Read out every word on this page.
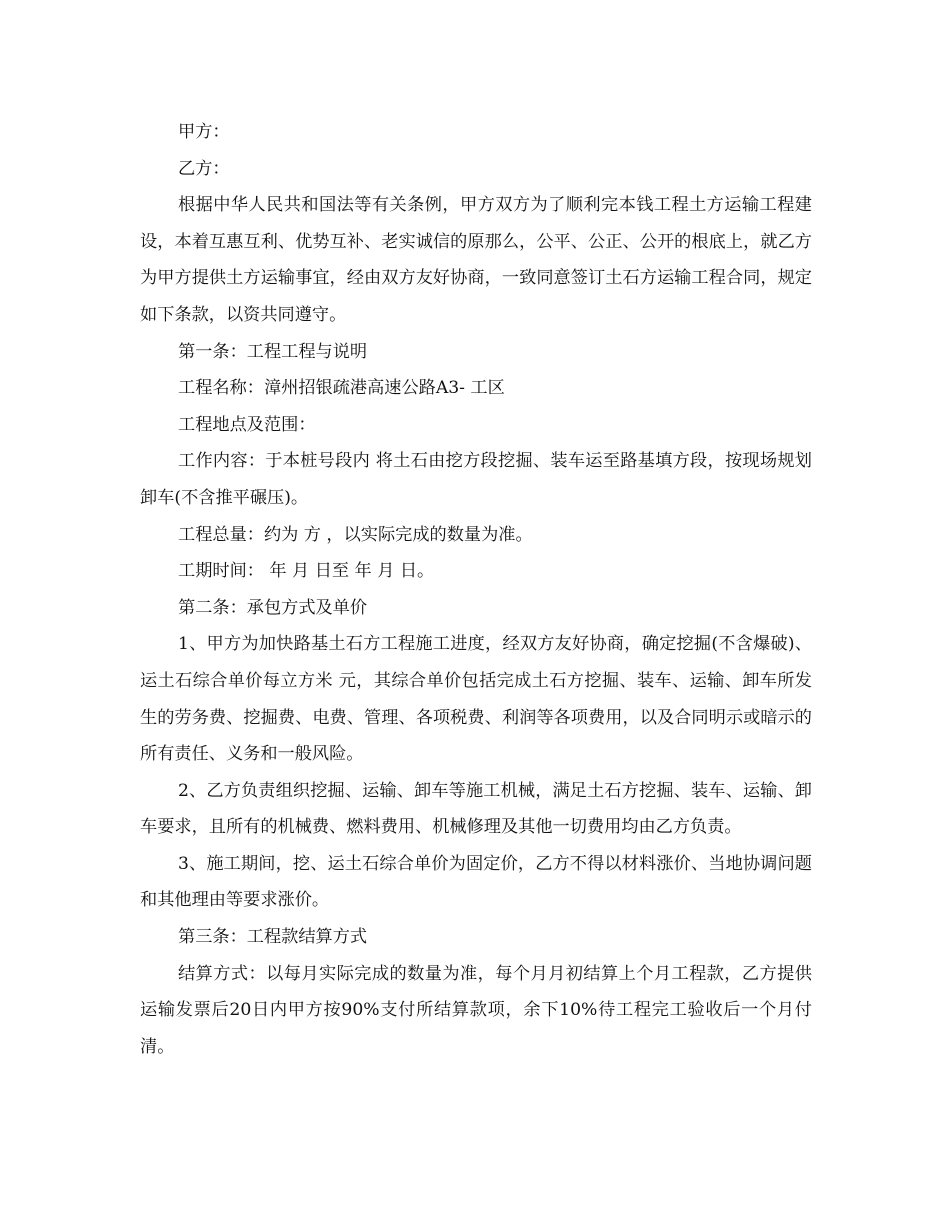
甲方：

乙方：

根据中华人民共和国法等有关条例，甲方双方为了顺利完本钱工程土方运输工程建设，本着互惠互利、优势互补、老实诚信的原那么，公平、公正、公开的根底上，就乙方为甲方提供土方运输事宜，经由双方友好协商，一致同意签订土石方运输工程合同，规定如下条款，以资共同遵守。

第一条：工程工程与说明

工程名称：漳州招银疏港高速公路A3- 工区

工程地点及范围：

工作内容：于本桩号段内 将土石由挖方段挖掘、装车运至路基填方段，按现场规划卸车(不含推平碾压)。

工程总量：约为 方 ，以实际完成的数量为准。

工期时间： 年 月 日至 年 月 日。

第二条：承包方式及单价

1、甲方为加快路基土石方工程施工进度，经双方友好协商，确定挖掘(不含爆破)、运土石综合单价每立方米 元，其综合单价包括完成土石方挖掘、装车、运输、卸车所发生的劳务费、挖掘费、电费、管理、各项税费、利润等各项费用，以及合同明示或暗示的所有责任、义务和一般风险。

2、乙方负责组织挖掘、运输、卸车等施工机械，满足土石方挖掘、装车、运输、卸车要求，且所有的机械费、燃料费用、机械修理及其他一切费用均由乙方负责。

3、施工期间，挖、运土石综合单价为固定价，乙方不得以材料涨价、当地协调问题和其他理由等要求涨价。

第三条：工程款结算方式

结算方式：以每月实际完成的数量为准，每个月月初结算上个月工程款，乙方提供运输发票后20日内甲方按90%支付所结算款项，余下10%待工程完工验收后一个月付清。
